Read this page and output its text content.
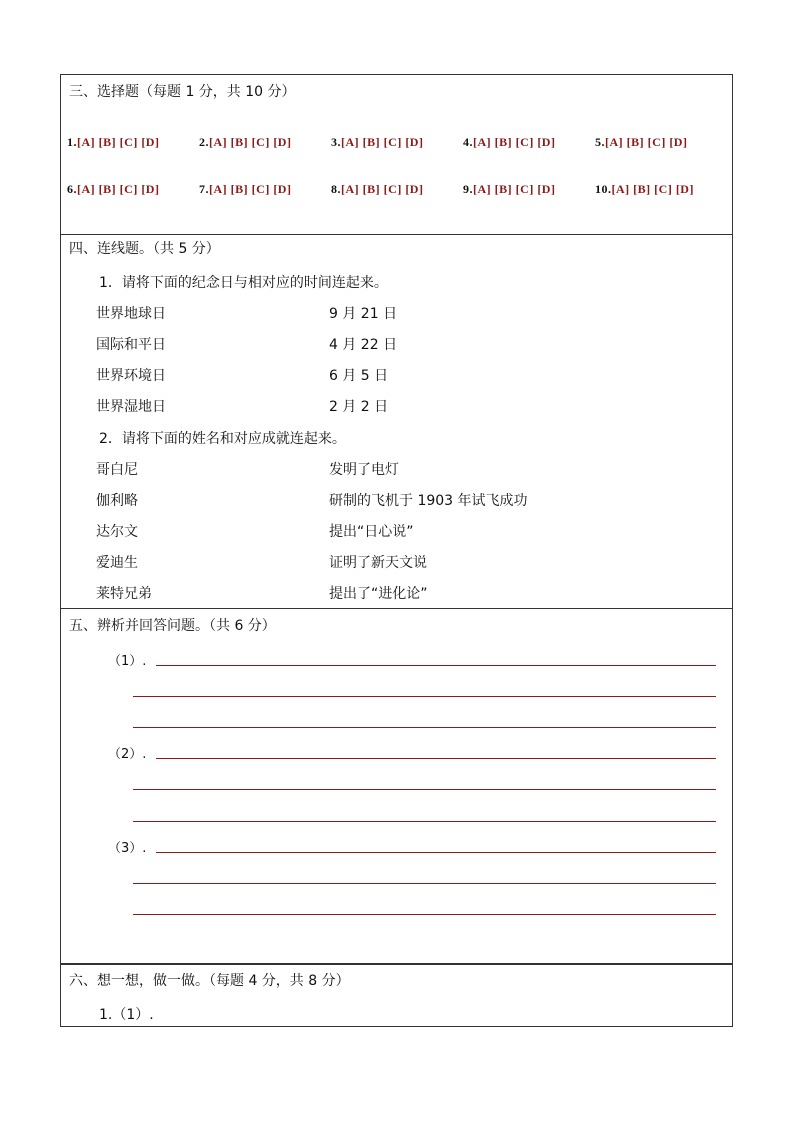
三、选择题（每题 1 分，共 10 分）
1.[A] [B] [C] [D]	2.[A] [B] [C] [D]	3.[A] [B] [C] [D]	4.[A] [B] [C] [D]	5.[A] [B] [C] [D]
6.[A] [B] [C] [D]	7.[A] [B] [C] [D]	8.[A] [B] [C] [D]	9.[A] [B] [C] [D]	10.[A] [B] [C] [D]
四、连线题。（共 5 分）
1．请将下面的纪念日与相对应的时间连起来。
世界地球日	9 月 21 日
国际和平日	4 月 22 日
世界环境日	6 月 5 日
世界湿地日	2 月 2 日
2．请将下面的姓名和对应成就连起来。
哥白尼	发明了电灯
伽利略	研制的飞机于 1903 年试飞成功
达尔文	提出“日心说”
爱迪生	证明了新天文说
莱特兄弟	提出了“进化论”
五、辨析并回答问题。（共 6 分）
（1）.
（2）.
（3）.
六、想一想，做一做。（每题 4 分，共 8 分）
1.（1）.
